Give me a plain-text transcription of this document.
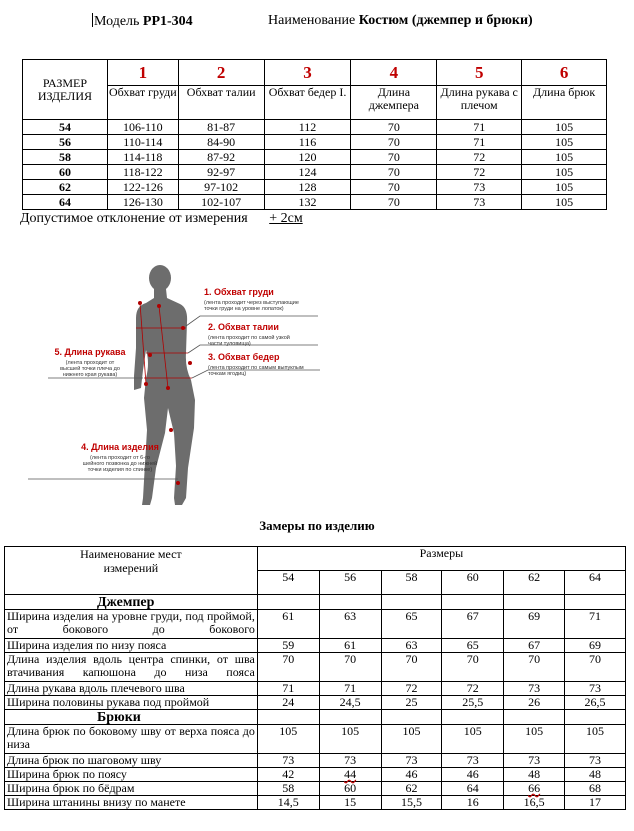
Модель РР1-304	Наименование Костюм (джемпер и брюки)
РАЗМЕР ИЗДЕЛИЯ	1	2	3	4	5	6
	Обхват груди	Обхват талии	Обхват бедер I.	Длина джемпера	Длина рукава с плечом	Длина брюк
54	106-110	81-87	112	70	71	105
56	110-114	84-90	116	70	71	105
58	114-118	87-92	120	70	72	105
60	118-122	92-97	124	70	72	105
62	122-126	97-102	128	70	73	105
64	126-130	102-107	132	70	73	105
Допустимое отклонение от измерения + 2см
1. Обхват груди
(лента проходит через выступающие
точки груди на уровне лопаток)
2. Обхват талии
(лента проходит по самой узкой
части туловища)
3. Обхват бедер
(лента проходит по самым выпуклым
точкам ягодиц)
5. Длина рукава
(лента проходит от
высшей точки плеча до
нижнего края рукава)
4. Длина изделия
(лента проходит от 6-го
шейного позвонка до нижней
точки изделия по спинке)
Замеры по изделию
Наименование мест измерений	Размеры					
	54	56	58	60	62	64
Джемпер						
Ширина изделия на уровне груди, под проймой, от бокового до бокового	61	63	65	67	69	71
Ширина изделия по низу пояса	59	61	63	65	67	69
Длина изделия вдоль центра спинки, от шва втачивания капюшона до низа пояса	70	70	70	70	70	70
Длина рукава вдоль плечевого шва	71	71	72	72	73	73
Ширина половины рукава под проймой	24	24,5	25	25,5	26	26,5
Брюки						
Длина брюк по боковому шву от верха пояса до низа	105	105	105	105	105	105
Длина брюк по шаговому шву	73	73	73	73	73	73
Ширина брюк по поясу	42	44	46	46	48	48
Ширина брюк по бёдрам	58	60	62	64	66	68
Ширина штанины внизу по манете	14,5	15	15,5	16	16,5	17
